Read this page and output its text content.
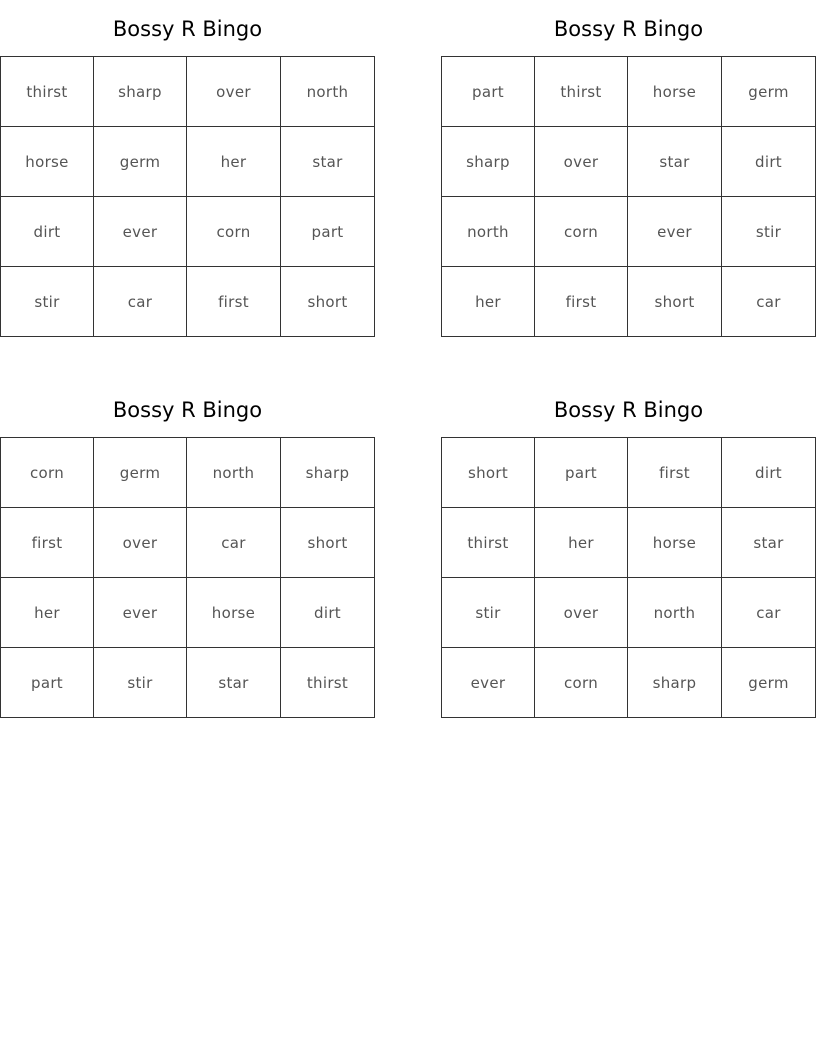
Bossy R Bingo
thirst	sharp	over	north
horse	germ	her	star
dirt	ever	corn	part
stir	car	first	short
Bossy R Bingo
part	thirst	horse	germ
sharp	over	star	dirt
north	corn	ever	stir
her	first	short	car
Bossy R Bingo
corn	germ	north	sharp
first	over	car	short
her	ever	horse	dirt
part	stir	star	thirst
Bossy R Bingo
short	part	first	dirt
thirst	her	horse	star
stir	over	north	car
ever	corn	sharp	germ
